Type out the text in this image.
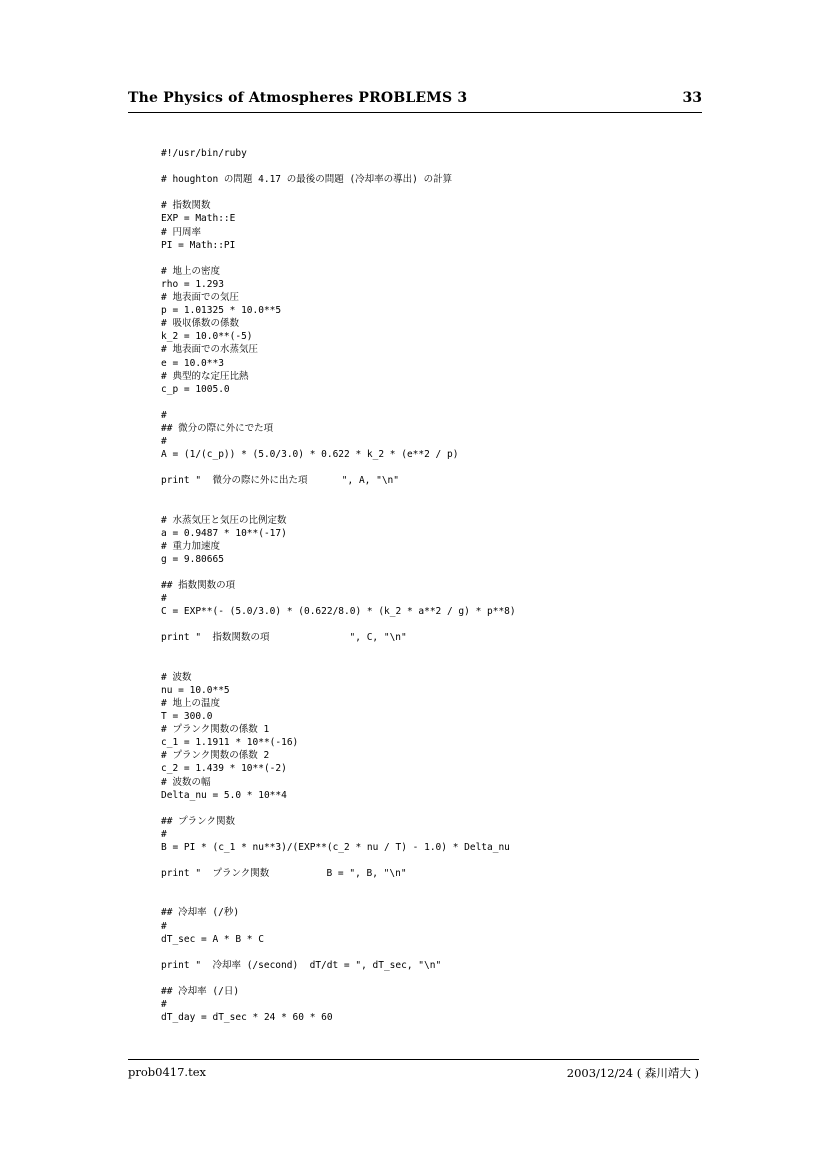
The Physics of Atmospheres PROBLEMS 3	33
#!/usr/bin/ruby
# houghton の問題 4.17 の最後の問題 (冷却率の導出) の計算
# 指数関数
EXP = Math::E
# 円周率
PI = Math::PI
# 地上の密度
rho = 1.293
# 地表面での気圧
p = 1.01325 * 10.0**5
# 吸収係数の係数
k_2 = 10.0**(-5)
# 地表面での水蒸気圧
e = 10.0**3
# 典型的な定圧比熱
c_p = 1005.0
#
## 微分の際に外にでた項
#
A = (1/(c_p)) * (5.0/3.0) * 0.622 * k_2 * (e**2 / p)
print "  微分の際に外に出た項      ", A, "\n"
# 水蒸気圧と気圧の比例定数
a = 0.9487 * 10**(-17)
# 重力加速度
g = 9.80665
## 指数関数の項
#
C = EXP**(- (5.0/3.0) * (0.622/8.0) * (k_2 * a**2 / g) * p**8)
print "  指数関数の項              ", C, "\n"
# 波数
nu = 10.0**5
# 地上の温度
T = 300.0
# プランク関数の係数 1
c_1 = 1.1911 * 10**(-16)
# プランク関数の係数 2
c_2 = 1.439 * 10**(-2)
# 波数の幅
Delta_nu = 5.0 * 10**4
## プランク関数
#
B = PI * (c_1 * nu**3)/(EXP**(c_2 * nu / T) - 1.0) * Delta_nu
print "  プランク関数          B = ", B, "\n"
## 冷却率 (/秒)
#
dT_sec = A * B * C
print "  冷却率 (/second)  dT/dt = ", dT_sec, "\n"
## 冷却率 (/日)
#
dT_day = dT_sec * 24 * 60 * 60
prob0417.tex	2003/12/24 ( 森川靖大 )
